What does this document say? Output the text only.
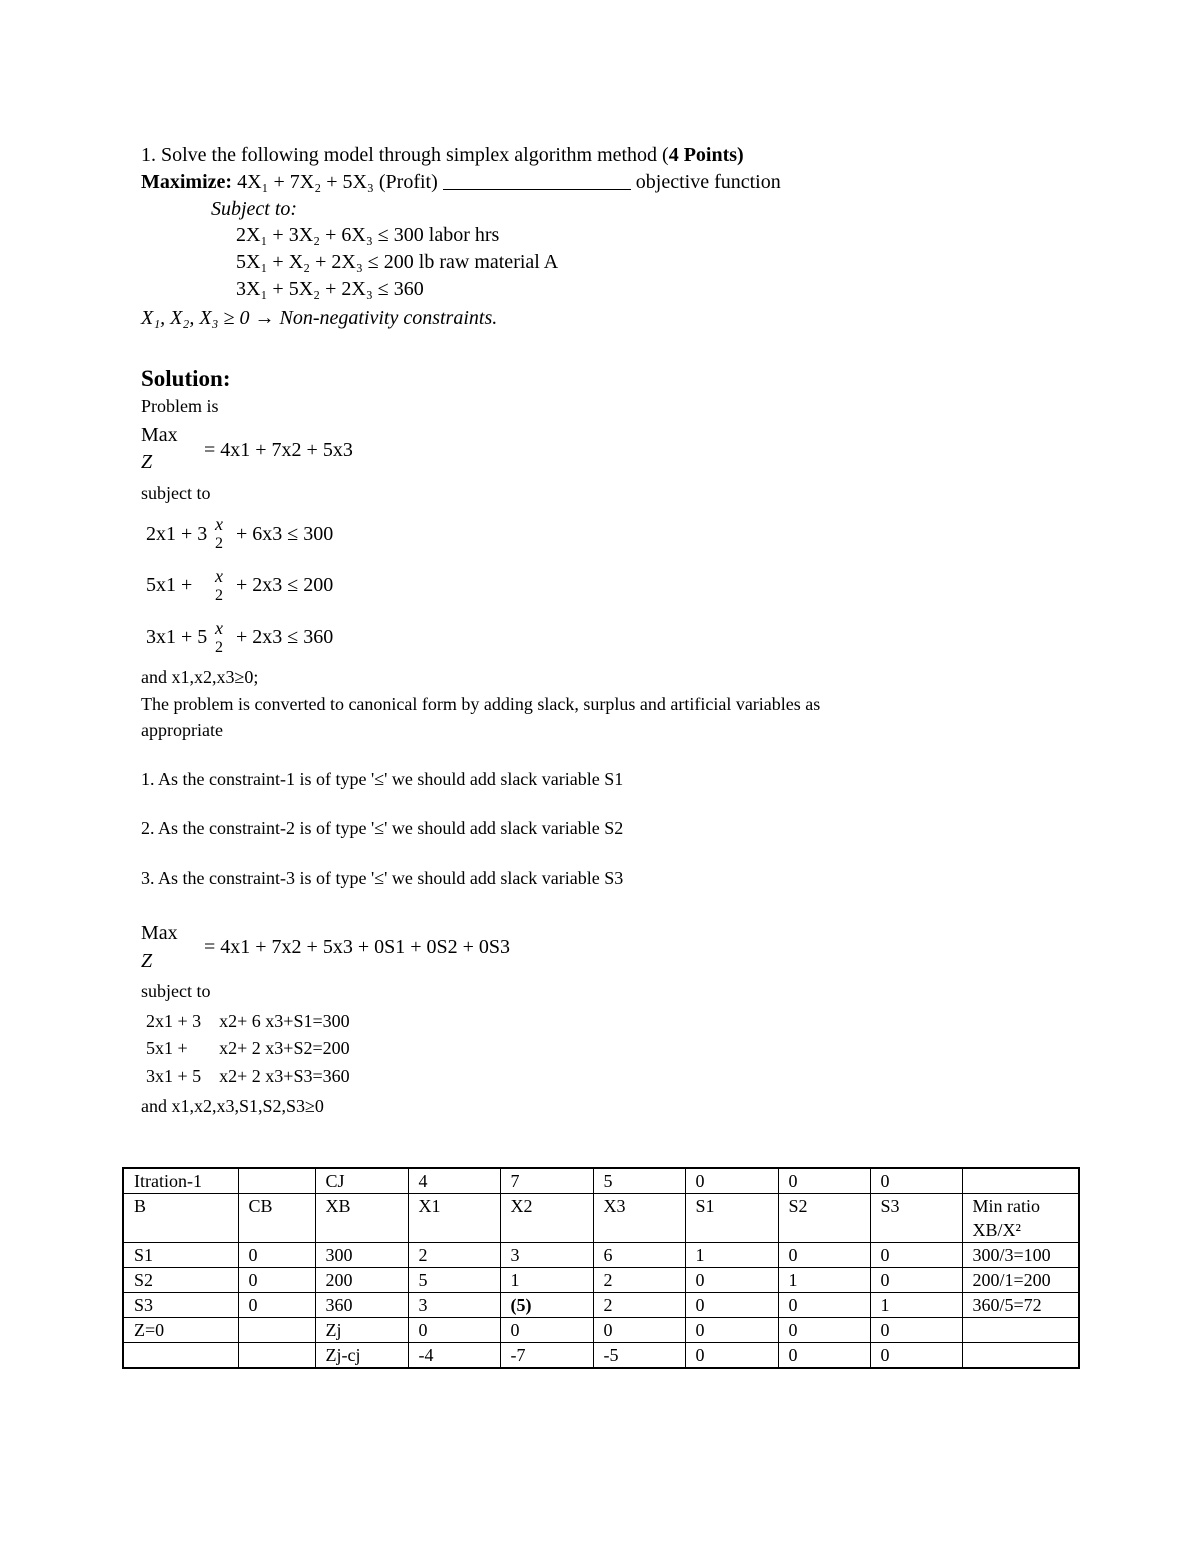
1. Solve the following model through simplex algorithm method (4 Points)
Maximize: 4X₁ + 7X₂ + 5X₃ (Profit)	objective function
Subject to:
2X₁ + 3X₂ + 6X₃ ≤ 300 labor hrs
5X₁ + X₂ + 2X₃ ≤ 200 lb raw material A
3X₁ + 5X₂ + 2X₃ ≤ 360
X₁, X₂, X₃ ≥ 0 → Non-negativity constraints.
Solution:
Problem is
Max
Z
= 4x1 + 7x2 + 5x3
subject to
2x1 + 3 x
2 + 6x3 ≤ 300
5x1 +	x
2 + 2x3 ≤ 200
3x1 + 5 x
2 + 2x3 ≤ 360
and x1,x2,x3≥0;
The problem is converted to canonical form by adding slack, surplus and artificial variables as
appropriate
1. As the constraint-1 is of type '≤' we should add slack variable S1
2. As the constraint-2 is of type '≤' we should add slack variable S2
3. As the constraint-3 is of type '≤' we should add slack variable S3
Max
Z
= 4x1 + 7x2 + 5x3 + 0S1 + 0S2 + 0S3
subject to
2x1 + 3    x2+ 6 x3+S1=300
5x1 +       x2+ 2 x3+S2=200
3x1 + 5    x2+ 2 x3+S3=360
and x1,x2,x3,S1,S2,S3≥0
Itration-1		CJ	4	7	5	0	0	0	
B	CB	XB	X1	X2	X3	S1	S2	S3	Min ratio
XB/X²

S1	0	300	2	3	6	1	0	0	300/3=100
S2	0	200	5	1	2	0	1	0	200/1=200
S3	0	360	3	(5)	2	0	0	1	360/5=72
Z=0		Zj	0	0	0	0	0	0	
		Zj-cj	-4	-7	-5	0	0	0	
